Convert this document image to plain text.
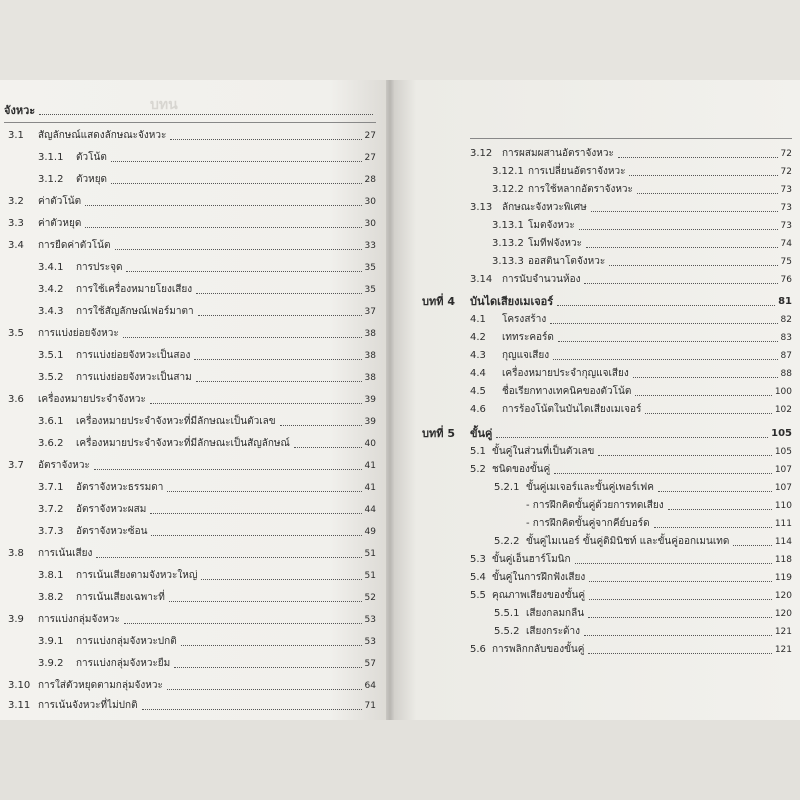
บทน
จังหวะ
3.1	สัญลักษณ์แสดงลักษณะจังหวะ	27
3.1.1	ตัวโน้ต	27
3.1.2	ตัวหยุด	28
3.2	ค่าตัวโน้ต	30
3.3	ค่าตัวหยุด	30
3.4	การยืดค่าตัวโน้ต	33
3.4.1	การประจุด	35
3.4.2	การใช้เครื่องหมายโยงเสียง	35
3.4.3	การใช้สัญลักษณ์เฟอร์มาตา	37
3.5	การแบ่งย่อยจังหวะ	38
3.5.1	การแบ่งย่อยจังหวะเป็นสอง	38
3.5.2	การแบ่งย่อยจังหวะเป็นสาม	38
3.6	เครื่องหมายประจำจังหวะ	39
3.6.1	เครื่องหมายประจำจังหวะที่มีลักษณะเป็นตัวเลข	39
3.6.2	เครื่องหมายประจำจังหวะที่มีลักษณะเป็นสัญลักษณ์	40
3.7	อัตราจังหวะ	41
3.7.1	อัตราจังหวะธรรมดา	41
3.7.2	อัตราจังหวะผสม	44
3.7.3	อัตราจังหวะซ้อน	49
3.8	การเน้นเสียง	51
3.8.1	การเน้นเสียงตามจังหวะใหญ่	51
3.8.2	การเน้นเสียงเฉพาะที่	52
3.9	การแบ่งกลุ่มจังหวะ	53
3.9.1	การแบ่งกลุ่มจังหวะปกติ	53
3.9.2	การแบ่งกลุ่มจังหวะยืม	57
3.10 การใส่ตัวหยุดตามกลุ่มจังหวะ	64
3.11 การเน้นจังหวะที่ไม่ปกติ	71
3.12 การผสมผสานอัตราจังหวะ	72
3.12.1 การเปลี่ยนอัตราจังหวะ	72
3.12.2 การใช้หลากอัตราจังหวะ	73
3.13 ลักษณะจังหวะพิเศษ	73
3.13.1 โมตจังหวะ	73
3.13.2 โมทีฟจังหวะ	74
3.13.3 ออสตินาโตจังหวะ	75
3.14 การนับจำนวนห้อง	76
บทที่ 4	บันไดเสียงเมเจอร์	81
4.1	โครงสร้าง	82
4.2	เททระคอร์ด	83
4.3	กุญแจเสียง	87
4.4	เครื่องหมายประจำกุญแจเสียง	88
4.5	ชื่อเรียกทางเทคนิคของตัวโน้ต	100
4.6	การร้องโน้ตในบันไดเสียงเมเจอร์	102
บทที่ 5	ขั้นคู่	105
5.1 ขั้นคู่ในส่วนที่เป็นตัวเลข	105
5.2 ชนิดของขั้นคู่	107
5.2.1 ขั้นคู่เมเจอร์และขั้นคู่เพอร์เฟค	107
- การฝึกคิดขั้นคู่ด้วยการทดเสียง	110
- การฝึกคิดขั้นคู่จากคีย์บอร์ด	111
5.2.2 ขั้นคู่ไมเนอร์ ขั้นคู่ดิมินิชท์ และขั้นคู่ออกเมนเทด	114
5.3 ขั้นคู่เอ็นฮาร์โมนิก	118
5.4 ขั้นคู่ในการฝึกฟังเสียง	119
5.5 คุณภาพเสียงของขั้นคู่	120
5.5.1 เสียงกลมกลืน	120
5.5.2 เสียงกระด้าง	121
5.6 การพลิกกลับของขั้นคู่	121
